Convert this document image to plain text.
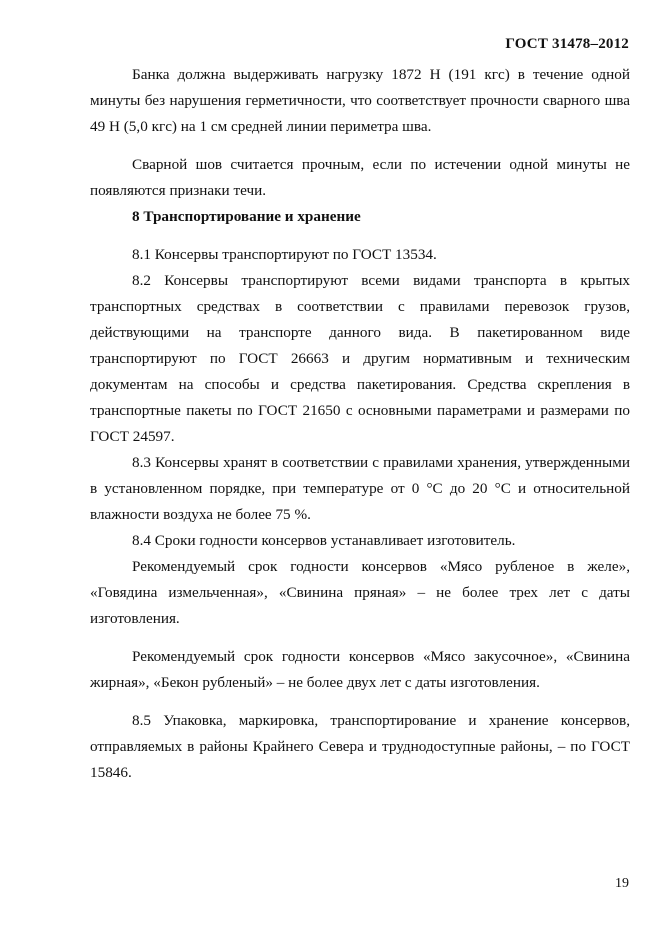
ГОСТ 31478–2012

Банка должна выдерживать нагрузку 1872 Н (191 кгс) в течение одной минуты без нарушения герметичности, что соответствует прочности сварного шва 49 Н (5,0 кгс) на 1 см средней линии периметра шва.

Сварной шов считается прочным, если по истечении одной минуты не появляются признаки течи.

8 Транспортирование и хранение

8.1 Консервы транспортируют по ГОСТ 13534.

8.2 Консервы транспортируют всеми видами транспорта в крытых транспортных средствах в соответствии с правилами перевозок грузов, действующими на транспорте данного вида. В пакетированном виде транспортируют по ГОСТ 26663 и другим нормативным и техническим документам на способы и средства пакетирования. Средства скрепления в транспортные пакеты по ГОСТ 21650 с основными параметрами и размерами по ГОСТ 24597.

8.3 Консервы хранят в соответствии с правилами хранения, утвержденными в установленном порядке, при температуре от 0 °С до 20 °С и относительной влажности воздуха не более 75 %.

8.4 Сроки годности консервов устанавливает изготовитель.

Рекомендуемый срок годности консервов «Мясо рубленое в желе», «Говядина измельченная», «Свинина пряная» – не более трех лет с даты изготовления.

Рекомендуемый срок годности консервов «Мясо закусочное», «Свинина жирная», «Бекон рубленый» – не более двух лет с даты изготовления.

8.5 Упаковка, маркировка, транспортирование и хранение консервов, отправляемых в районы Крайнего Севера и труднодоступные районы, – по ГОСТ 15846.

19
